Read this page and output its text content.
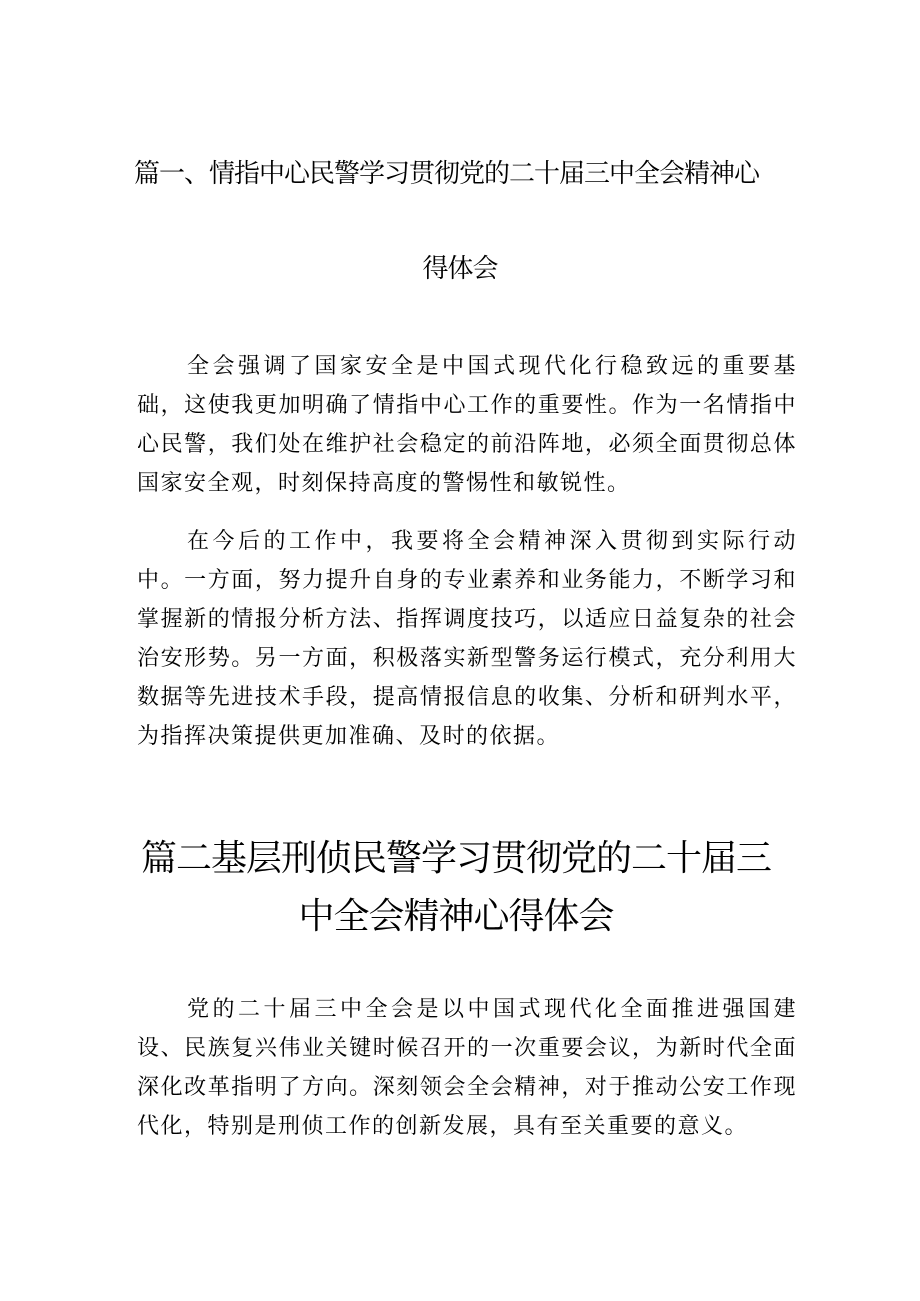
篇一、情指中心民警学习贯彻党的二十届三中全会精神心
得体会

全会强调了国家安全是中国式现代化行稳致远的重要基础，这使我更加明确了情指中心工作的重要性。作为一名情指中心民警，我们处在维护社会稳定的前沿阵地，必须全面贯彻总体国家安全观，时刻保持高度的警惕性和敏锐性。

在今后的工作中，我要将全会精神深入贯彻到实际行动中。一方面，努力提升自身的专业素养和业务能力，不断学习和掌握新的情报分析方法、指挥调度技巧，以适应日益复杂的社会治安形势。另一方面，积极落实新型警务运行模式，充分利用大数据等先进技术手段，提高情报信息的收集、分析和研判水平，为指挥决策提供更加准确、及时的依据。

篇二基层刑侦民警学习贯彻党的二十届三
中全会精神心得体会

党的二十届三中全会是以中国式现代化全面推进强国建设、民族复兴伟业关键时候召开的一次重要会议，为新时代全面深化改革指明了方向。深刻领会全会精神，对于推动公安工作现代化，特别是刑侦工作的创新发展，具有至关重要的意义。
